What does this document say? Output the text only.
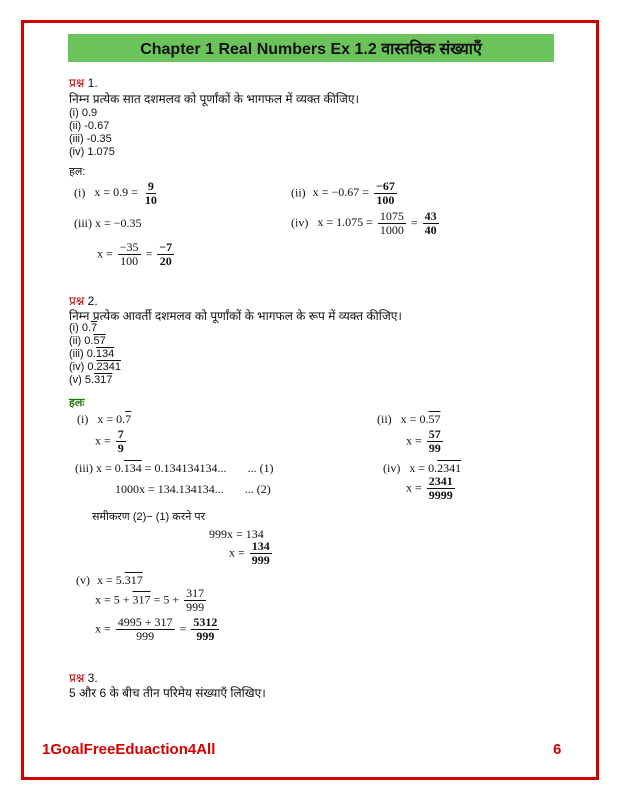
Chapter 1 Real Numbers Ex 1.2 वास्तविक संख्याएँ
प्रश्न 1.
निम्न प्रत्येक सात दशमलव को पूर्णांकों के भागफल में व्यक्त कीजिए।
(i) 0.9
(ii) -0.67
(iii) -0.35
(iv) 1.075
हल:
(i) $x = 0.9 = \frac{9}{10}$	(ii) $x = -0.67 = \frac{-67}{100}$
(iii) x = −0.35	(iv) $x = 1.075 = \frac{1075}{1000} = \frac{43}{40}$
$x = \frac{-35}{100} = \frac{-7}{20}$
प्रश्न 2.
निम्न प्रत्येक आवर्ती दशमलव को पूर्णांकों के भागफल के रूप में व्यक्त कीजिए।
(i) 0.7
(ii) 0.57
(iii) 0.134
(iv) 0.2341
(v) 5.317
हलः
(i) x = 0.7
$x = \frac{7}{9}$
(ii) x = 0.57
$x = \frac{57}{99}$
(iii) x = 0.134 = 0.134134134... ... (1)
1000x = 134.134134... ... (2)
(iv) x = 0.2341
$x = \frac{2341}{9999}$
समीकरण (2)− (1) करने पर
999x = 134
$x = \frac{134}{999}$
(v) x = 5.317
$x = 5 + 317 = 5 + \frac{317}{999}$
$x = \frac{4995 + 317}{999} = \frac{5312}{999}$
प्रश्न 3.
5 और 6 के बीच तीन परिमेय संख्याएँ लिखिए।
1GoalFreeEduaction4All	6
